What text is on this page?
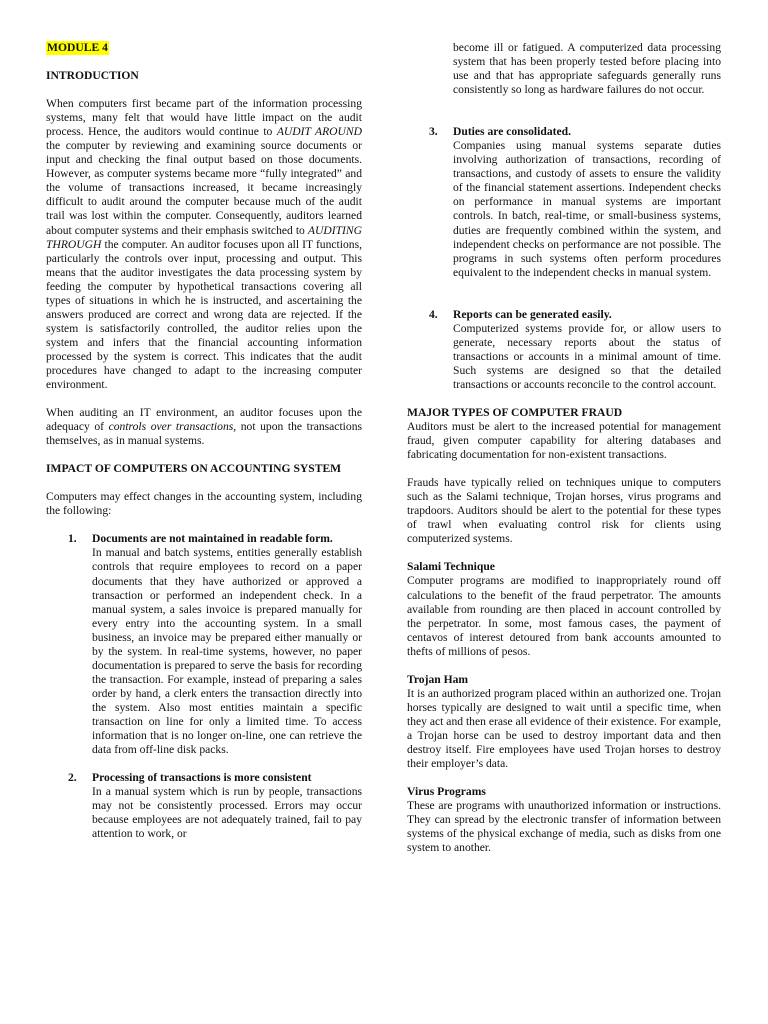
MODULE 4

INTRODUCTION

When computers first became part of the information processing systems, many felt that would have little impact on the audit process. Hence, the auditors would continue to AUDIT AROUND the computer by reviewing and examining source documents or input and checking the final output based on those documents. However, as computer systems became more “fully integrated” and the volume of transactions increased, it became increasingly difficult to audit around the computer because much of the audit trail was lost within the computer. Consequently, auditors learned about computer systems and their emphasis switched to AUDITING THROUGH the computer. An auditor focuses upon all IT functions, particularly the controls over input, processing and output. This means that the auditor investigates the data processing system by feeding the computer by hypothetical transactions covering all types of situations in which he is instructed, and ascertaining the answers produced are correct and wrong data are rejected. If the system is satisfactorily controlled, the auditor relies upon the system and infers that the financial accounting information processed by the system is correct. This indicates that the audit procedures have changed to adapt to the increasing computer environment.

When auditing an IT environment, an auditor focuses upon the adequacy of controls over transactions, not upon the transactions themselves, as in manual systems.

IMPACT OF COMPUTERS ON ACCOUNTING SYSTEM

Computers may effect changes in the accounting system, including the following:

1. Documents are not maintained in readable form.

In manual and batch systems, entities generally establish controls that require employees to record on a paper documents that they have authorized or approved a transaction or performed an independent check. In a manual system, a sales invoice is prepared manually for every entry into the accounting system. In a small business, an invoice may be prepared either manually or by the system. In real-time systems, however, no paper documentation is prepared to serve the basis for recording the transaction. For example, instead of preparing a sales order by hand, a clerk enters the transaction directly into the system. Also most entities maintain a specific transaction on line for only a limited time. To access information that is no longer on-line, one can retrieve the data from off-line disk packs.

2. Processing of transactions is more consistent

In a manual system which is run by people, transactions may not be consistently processed. Errors may occur because employees are not adequately trained, fail to pay attention to work, or

become ill or fatigued. A computerized data processing system that has been properly tested before placing into use and that has appropriate safeguards generally runs consistently so long as hardware failures do not occur.

3. Duties are consolidated.

Companies using manual systems separate duties involving authorization of transactions, recording of transactions, and custody of assets to ensure the validity of the financial statement assertions. Independent checks on performance in manual systems are important controls. In batch, real-time, or small-business systems, duties are frequently combined within the system, and independent checks on performance are not possible. The programs in such systems often perform procedures equivalent to the independent checks in manual system.

4. Reports can be generated easily.

Computerized systems provide for, or allow users to generate, necessary reports about the status of transactions or accounts in a minimal amount of time. Such systems are designed so that the detailed transactions or accounts reconcile to the control account.

MAJOR TYPES OF COMPUTER FRAUD

Auditors must be alert to the increased potential for management fraud, given computer capability for altering databases and fabricating documentation for non-existent transactions.

Frauds have typically relied on techniques unique to computers such as the Salami technique, Trojan horses, virus programs and trapdoors. Auditors should be alert to the potential for these types of trawl when evaluating control risk for clients using computerized systems.

Salami Technique

Computer programs are modified to inappropriately round off calculations to the benefit of the fraud perpetrator. The amounts available from rounding are then placed in account controlled by the perpetrator. In some, most famous cases, the payment of centavos of interest detoured from bank accounts amounted to thefts of millions of pesos.

Trojan Ham

It is an authorized program placed within an authorized one. Trojan horses typically are designed to wait until a specific time, when they act and then erase all evidence of their existence. For example, a Trojan horse can be used to destroy important data and then destroy itself. Fire employees have used Trojan horses to destroy their employer’s data.

Virus Programs

These are programs with unauthorized information or instructions. They can spread by the electronic transfer of information between systems of the physical exchange of media, such as disks from one system to another.
